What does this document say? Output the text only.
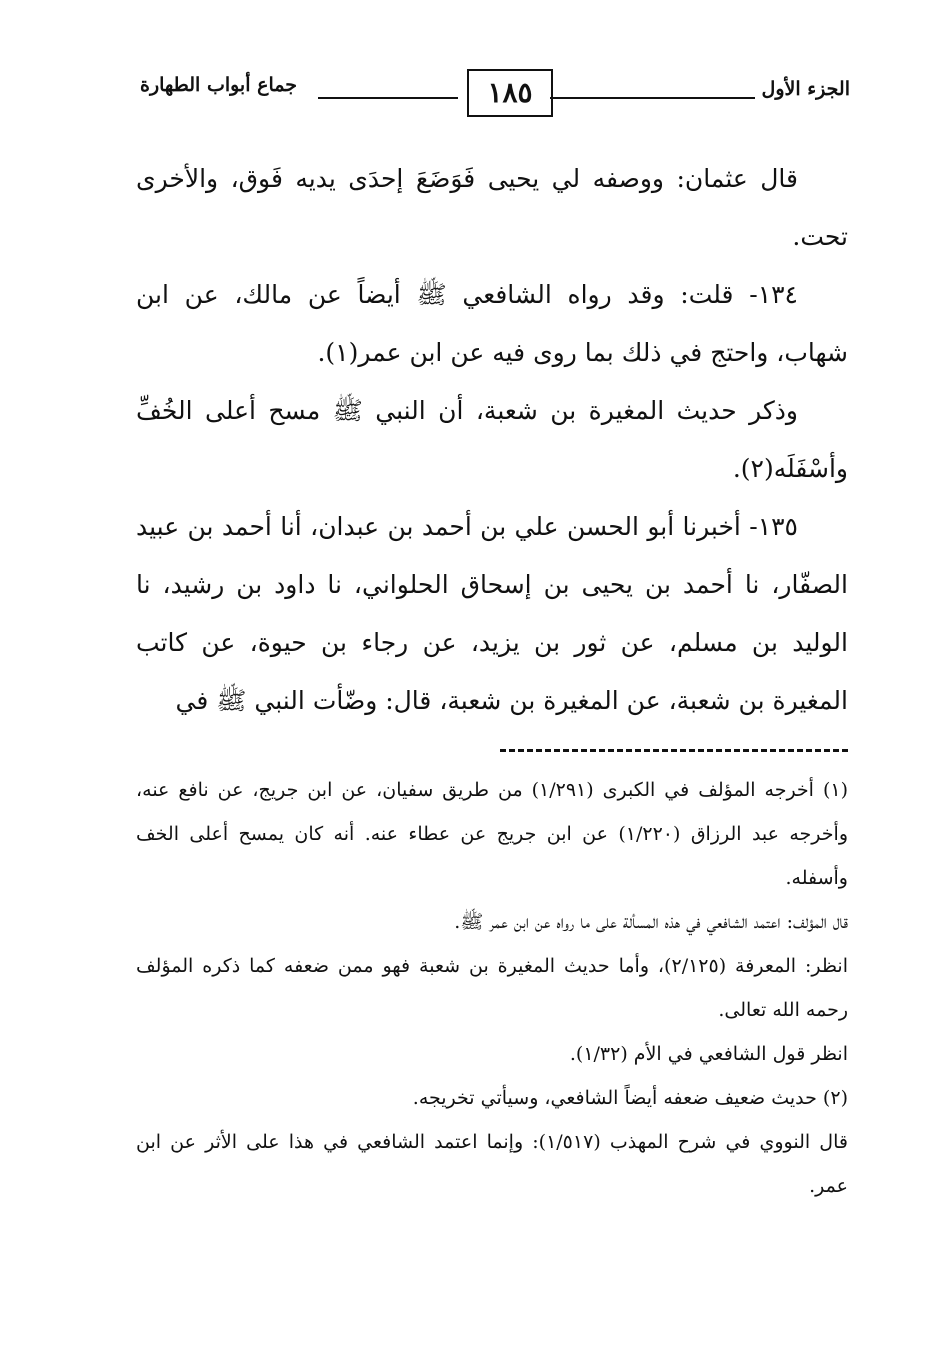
الجزء الأول
١٨٥
جماع أبواب الطهارة

قال عثمان: ووصفه لي يحيى فَوَضَعَ إحدَى يديه فَوق، والأخرى تحت.

١٣٤- قلت: وقد رواه الشافعي ﷺ أيضاً عن مالك، عن ابن شهاب، واحتج في ذلك بما روى فيه عن ابن عمر(١).

وذكر حديث المغيرة بن شعبة، أن النبي ﷺ مسح أعلى الخُفِّ وأسْفَلَه(٢).

١٣٥- أخبرنا أبو الحسن علي بن أحمد بن عبدان، أنا أحمد بن عبيد الصفّار، نا أحمد بن يحيى بن إسحاق الحلواني، نا داود بن رشيد، نا الوليد بن مسلم، عن ثور بن يزيد، عن رجاء بن حيوة، عن كاتب المغيرة بن شعبة، عن المغيرة بن شعبة، قال: وضّأت النبي ﷺ في

(١) أخرجه المؤلف في الكبرى (١/٢٩١) من طريق سفيان، عن ابن جريج، عن نافع عنه، وأخرجه عبد الرزاق (١/٢٢٠) عن ابن جريج عن عطاء عنه. أنه كان يمسح أعلى الخف وأسفله.

قال المؤلف: اعتمد الشافعي في هذه المسألة على ما رواه عن ابن عمر ﷺ.

انظر: المعرفة (٢/١٢٥)، وأما حديث المغيرة بن شعبة فهو ممن ضعفه كما ذكره المؤلف رحمه الله تعالى.

انظر قول الشافعي في الأم (١/٣٢).

(٢) حديث ضعيف ضعفه أيضاً الشافعي، وسيأتي تخريجه.

قال النووي في شرح المهذب (١/٥١٧): وإنما اعتمد الشافعي في هذا على الأثر عن ابن عمر.
